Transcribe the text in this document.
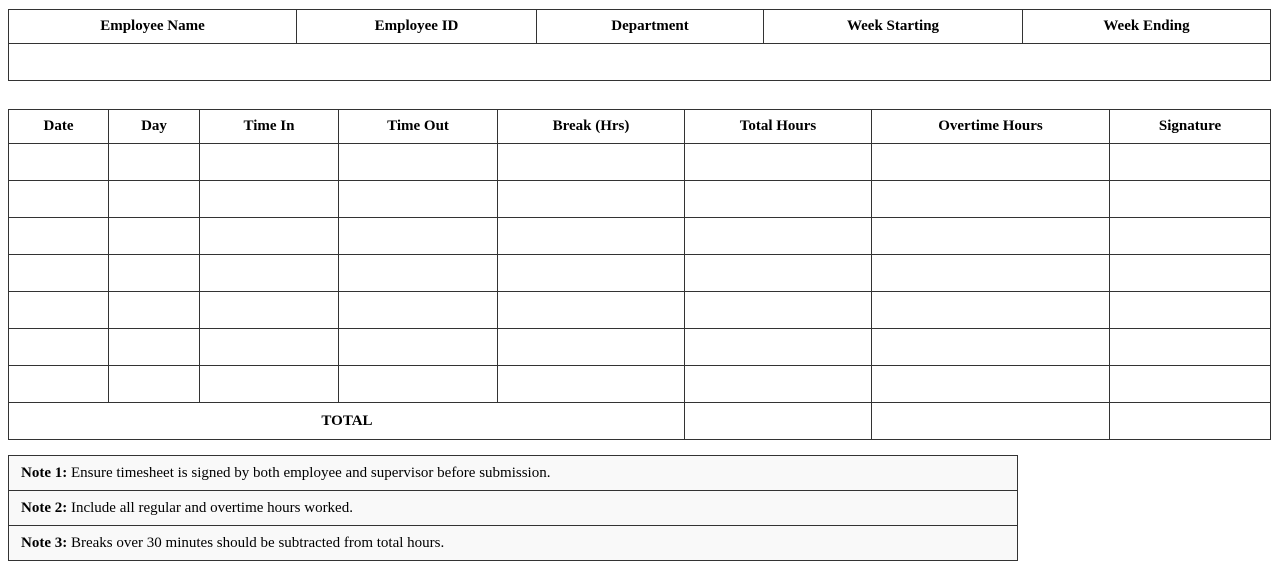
Employee Name	Employee ID	Department	Week Starting	Week Ending

Date	Day	Time In	Time Out	Break (Hrs)	Total Hours	Overtime Hours	Signature

TOTAL							
Note 1: Ensure timesheet is signed by both employee and supervisor before submission.
Note 2: Include all regular and overtime hours worked.
Note 3: Breaks over 30 minutes should be subtracted from total hours.
